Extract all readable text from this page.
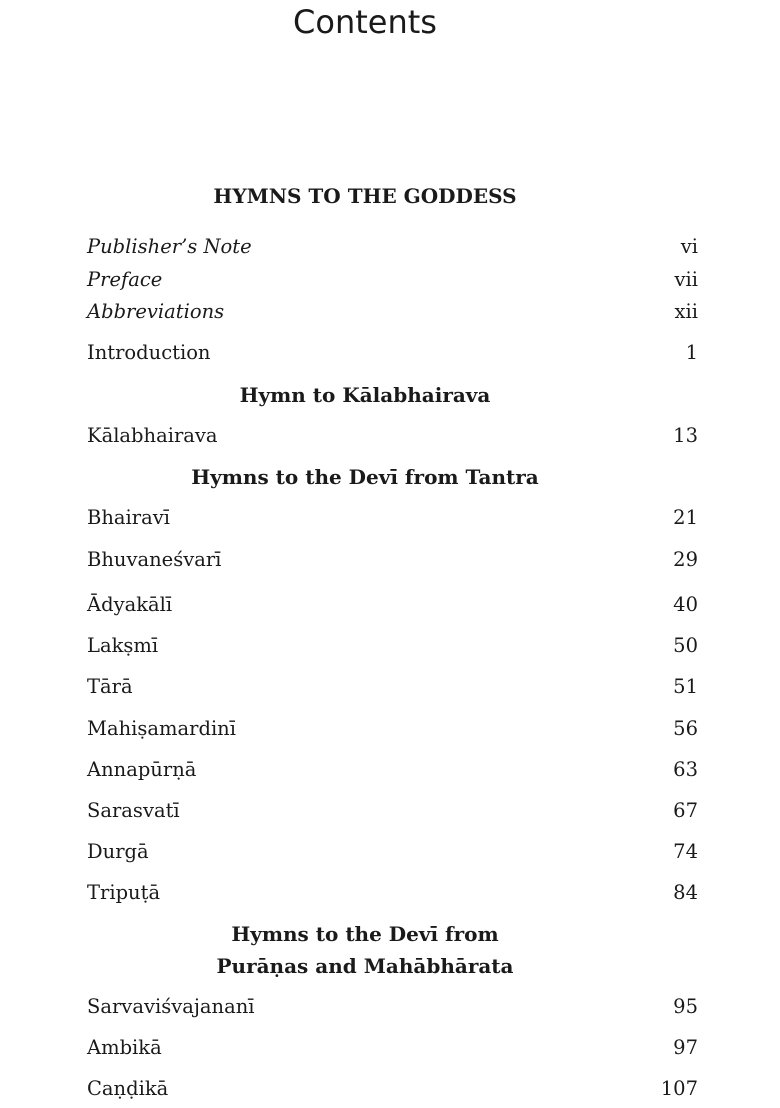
Contents
HYMNS TO THE GODDESS
Publisher’s Note	vi
Preface	vii
Abbreviations	xii
Introduction	1
Hymn to Kālabhairava
Kālabhairava	13
Hymns to the Devī from Tantra
Bhairavī	21
Bhuvaneśvarī	29
Ādyakālī	40
Lakṣmī	50
Tārā	51
Mahiṣamardinī	56
Annapūrṇā	63
Sarasvatī	67
Durgā	74
Tripuṭā	84
Hymns to the Devī from
Purāṇas and Mahābhārata
Sarvaviśvajananī	95
Ambikā	97
Caṇḍikā	107
